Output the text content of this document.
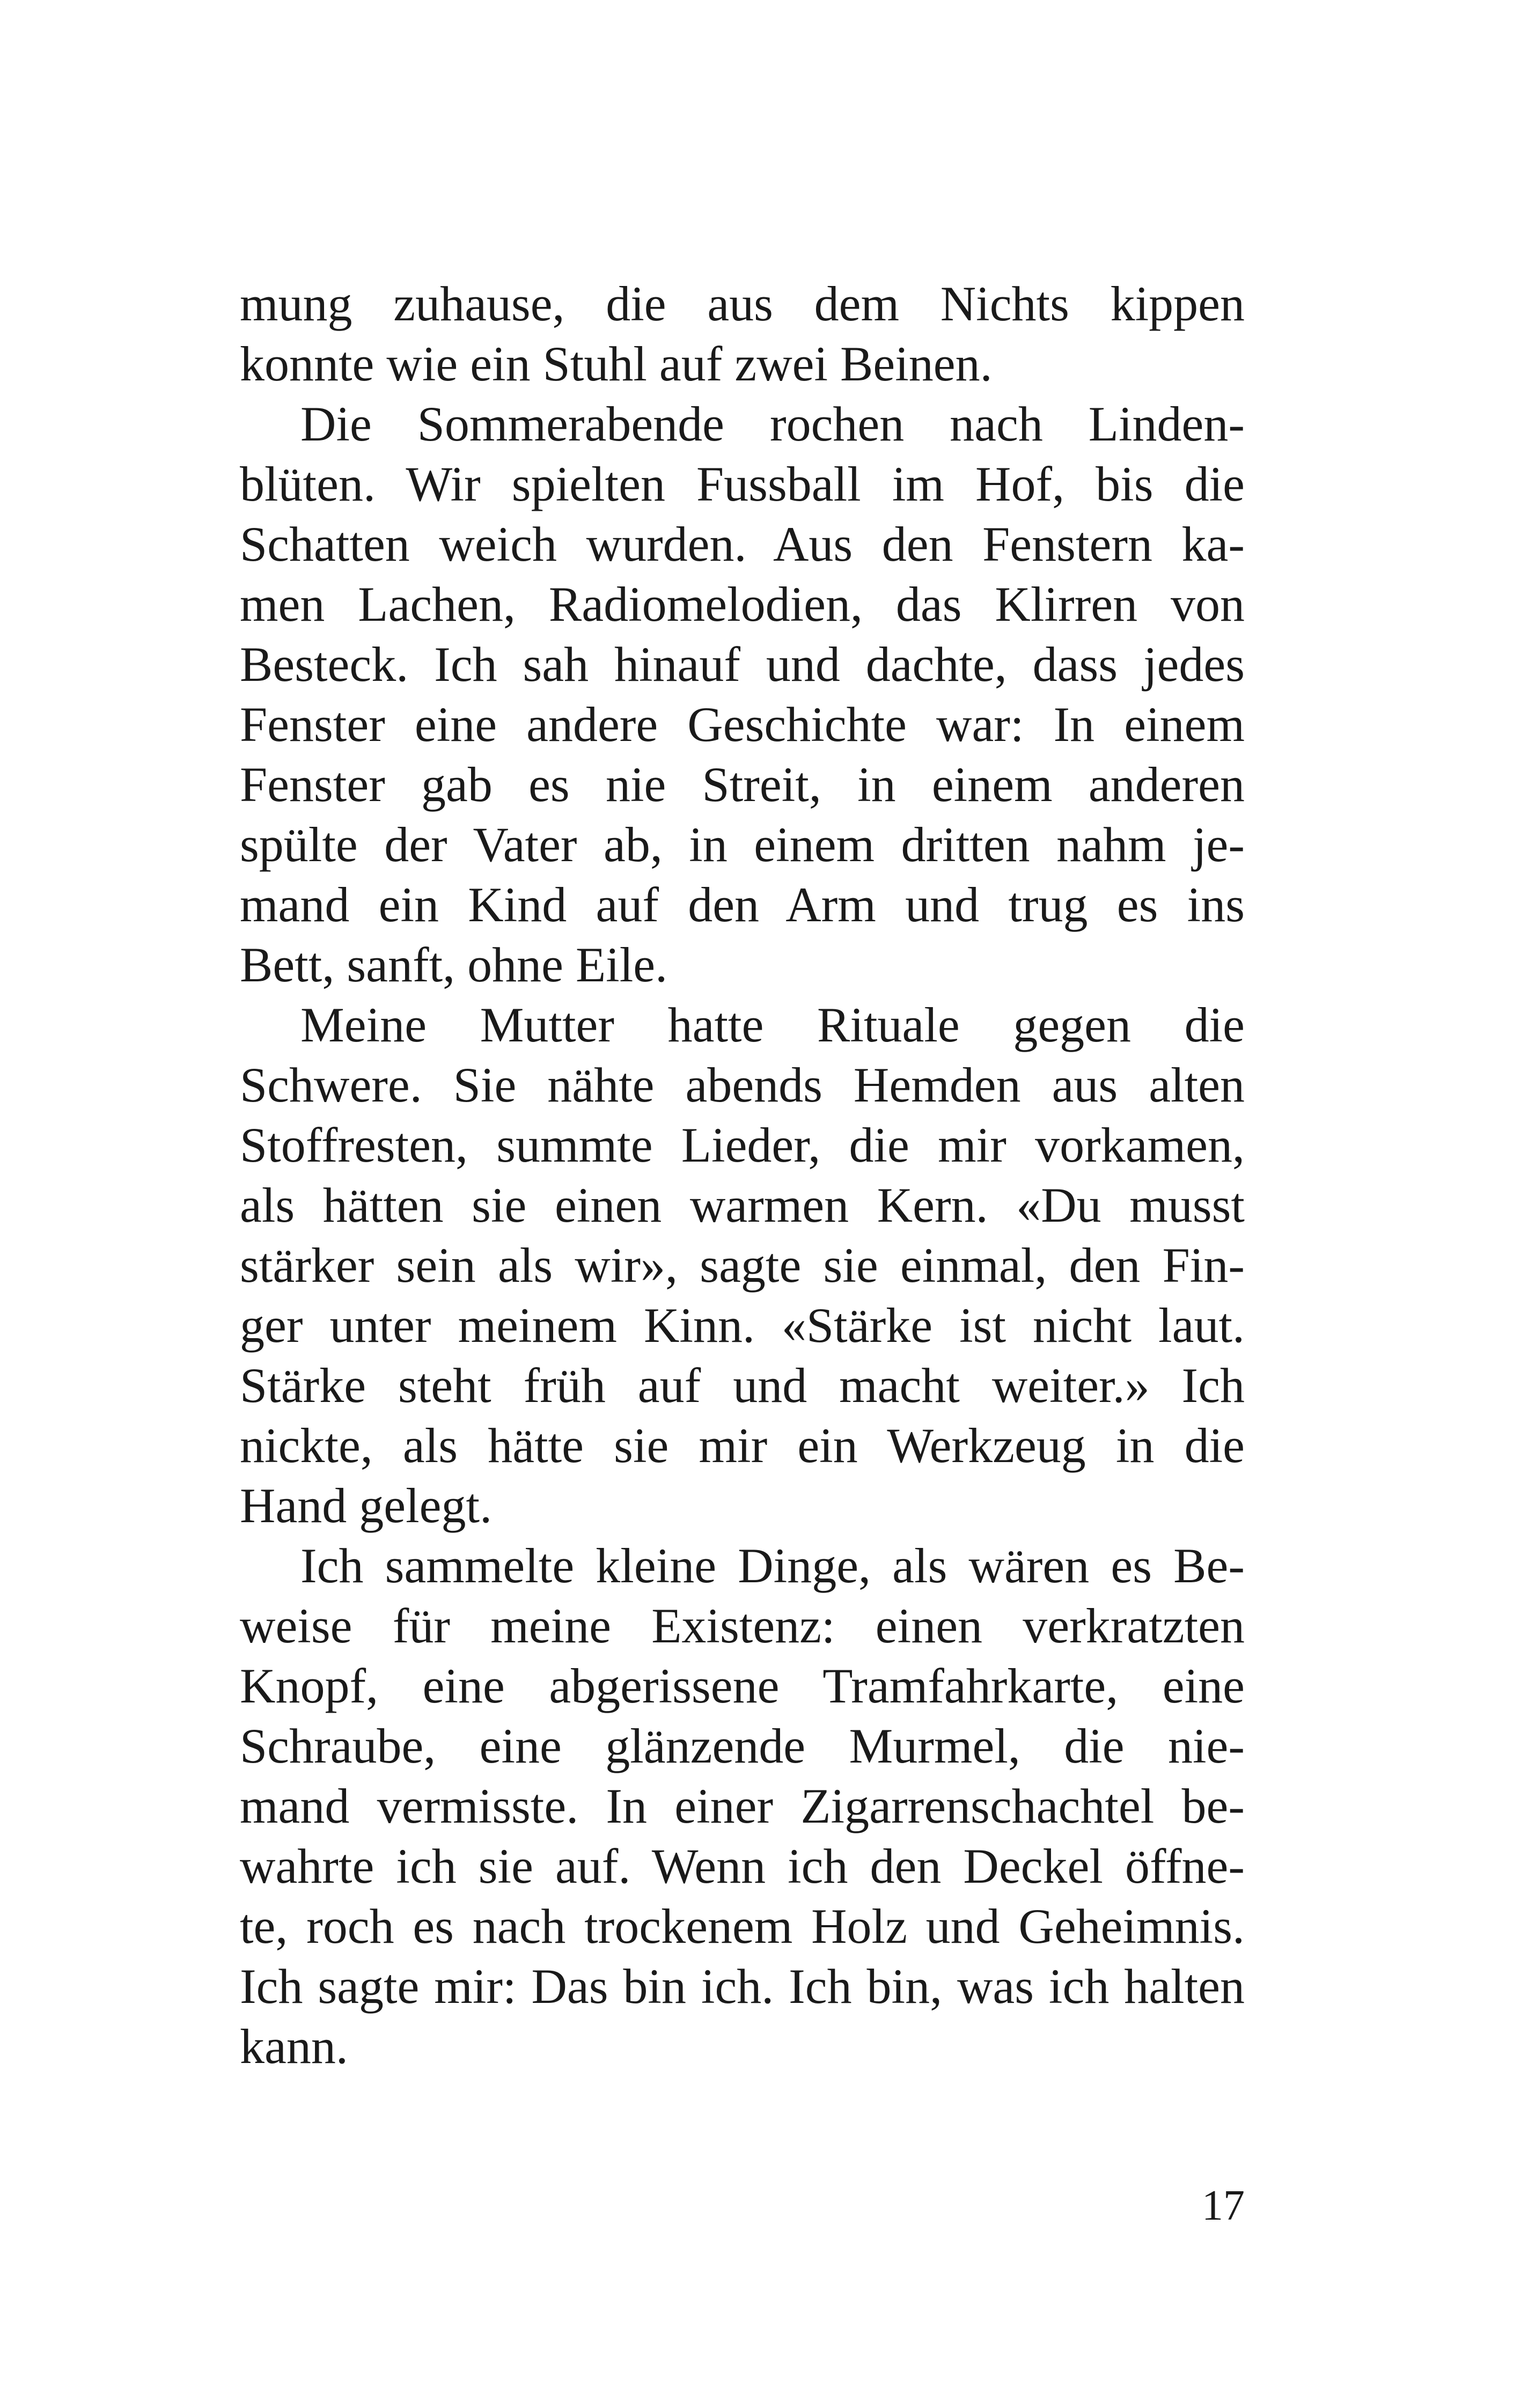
mung zuhause, die aus dem Nichts kippen
konnte wie ein Stuhl auf zwei Beinen.
Die Sommerabende rochen nach Linden-
blüten. Wir spielten Fussball im Hof, bis die
Schatten weich wurden. Aus den Fenstern ka-
men Lachen, Radiomelodien, das Klirren von
Besteck. Ich sah hinauf und dachte, dass jedes
Fenster eine andere Geschichte war: In einem
Fenster gab es nie Streit, in einem anderen
spülte der Vater ab, in einem dritten nahm je-
mand ein Kind auf den Arm und trug es ins
Bett, sanft, ohne Eile.
Meine Mutter hatte Rituale gegen die
Schwere. Sie nähte abends Hemden aus alten
Stoffresten, summte Lieder, die mir vorkamen,
als hätten sie einen warmen Kern. «Du musst
stärker sein als wir», sagte sie einmal, den Fin-
ger unter meinem Kinn. «Stärke ist nicht laut.
Stärke steht früh auf und macht weiter.» Ich
nickte, als hätte sie mir ein Werkzeug in die
Hand gelegt.
Ich sammelte kleine Dinge, als wären es Be-
weise für meine Existenz: einen verkratzten
Knopf, eine abgerissene Tramfahrkarte, eine
Schraube, eine glänzende Murmel, die nie-
mand vermisste. In einer Zigarrenschachtel be-
wahrte ich sie auf. Wenn ich den Deckel öffne-
te, roch es nach trockenem Holz und Geheimnis.
Ich sagte mir: Das bin ich. Ich bin, was ich halten
kann.
17
